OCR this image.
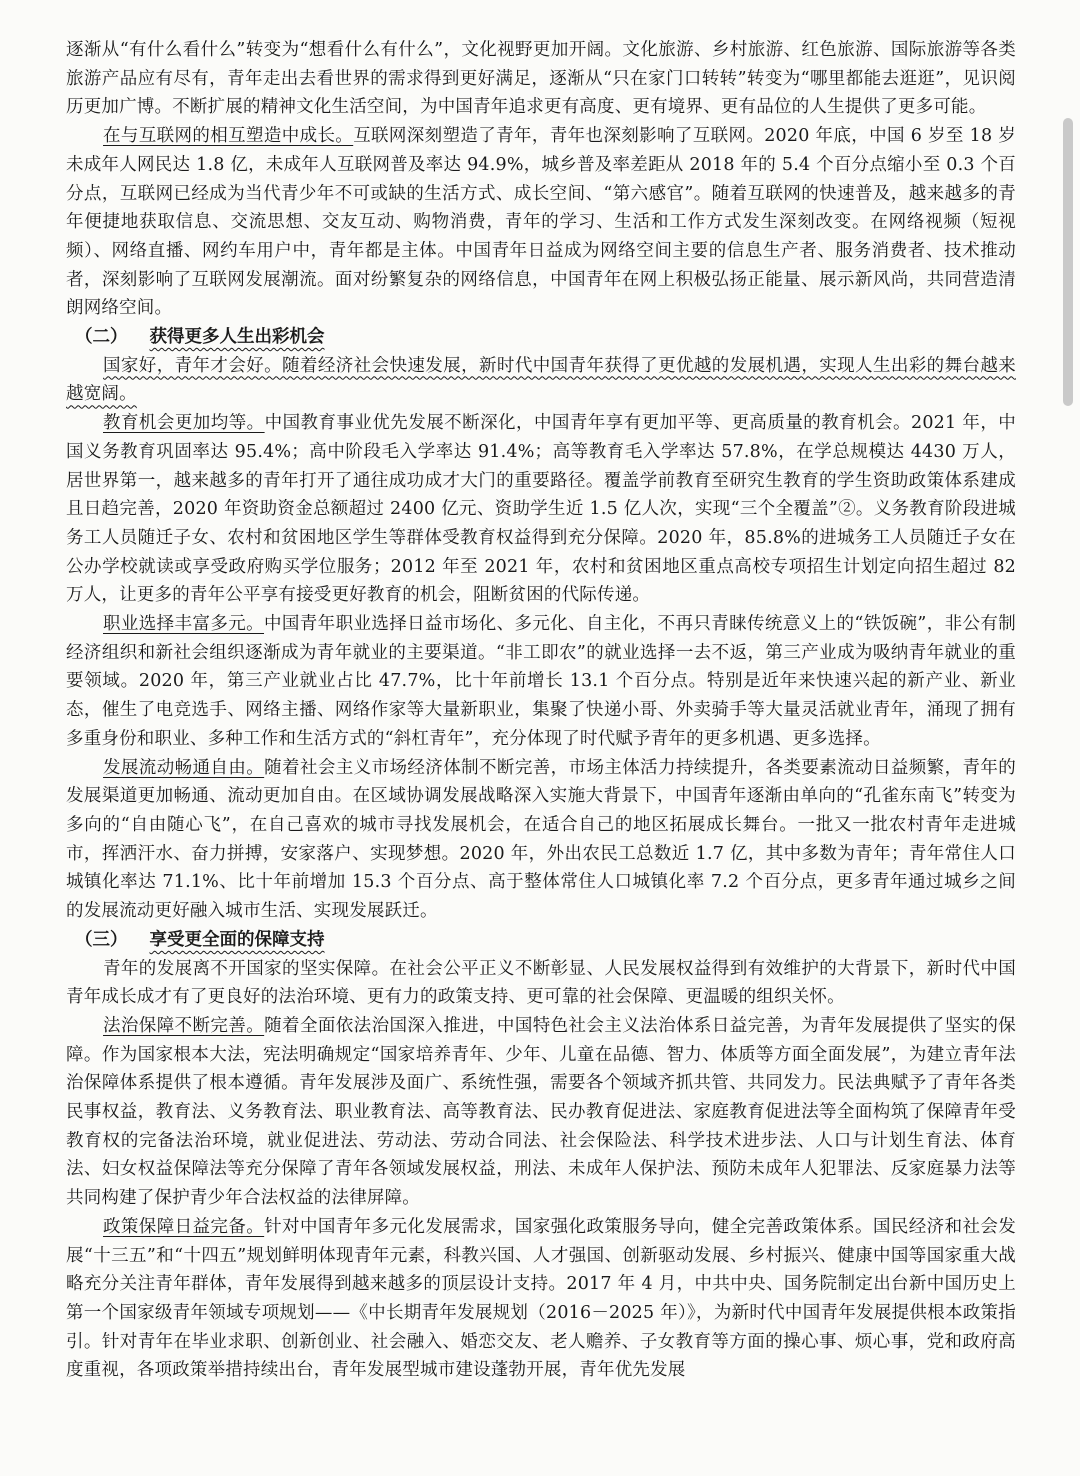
逐渐从“有什么看什么”转变为“想看什么有什么”，文化视野更加开阔。文化旅游、乡村旅游、红色旅游、国际旅游等各类旅游产品应有尽有，青年走出去看世界的需求得到更好满足，逐渐从“只在家门口转转”转变为“哪里都能去逛逛”，见识阅历更加广博。不断扩展的精神文化生活空间，为中国青年追求更有高度、更有境界、更有品位的人生提供了更多可能。

在与互联网的相互塑造中成长。互联网深刻塑造了青年，青年也深刻影响了互联网。2020 年底，中国 6 岁至 18 岁未成年人网民达 1.8 亿，未成年人互联网普及率达 94.9%，城乡普及率差距从 2018 年的 5.4 个百分点缩小至 0.3 个百分点，互联网已经成为当代青少年不可或缺的生活方式、成长空间、“第六感官”。随着互联网的快速普及，越来越多的青年便捷地获取信息、交流思想、交友互动、购物消费，青年的学习、生活和工作方式发生深刻改变。在网络视频（短视频）、网络直播、网约车用户中，青年都是主体。中国青年日益成为网络空间主要的信息生产者、服务消费者、技术推动者，深刻影响了互联网发展潮流。面对纷繁复杂的网络信息，中国青年在网上积极弘扬正能量、展示新风尚，共同营造清朗网络空间。

（二） 获得更多人生出彩机会

国家好，青年才会好。随着经济社会快速发展，新时代中国青年获得了更优越的发展机遇，实现人生出彩的舞台越来越宽阔。

教育机会更加均等。中国教育事业优先发展不断深化，中国青年享有更加平等、更高质量的教育机会。2021 年，中国义务教育巩固率达 95.4%；高中阶段毛入学率达 91.4%；高等教育毛入学率达 57.8%，在学总规模达 4430 万人，居世界第一，越来越多的青年打开了通往成功成才大门的重要路径。覆盖学前教育至研究生教育的学生资助政策体系建成且日趋完善，2020 年资助资金总额超过 2400 亿元、资助学生近 1.5 亿人次，实现“三个全覆盖”②。义务教育阶段进城务工人员随迁子女、农村和贫困地区学生等群体受教育权益得到充分保障。2020 年，85.8%的进城务工人员随迁子女在公办学校就读或享受政府购买学位服务；2012 年至 2021 年，农村和贫困地区重点高校专项招生计划定向招生超过 82 万人，让更多的青年公平享有接受更好教育的机会，阻断贫困的代际传递。

职业选择丰富多元。中国青年职业选择日益市场化、多元化、自主化，不再只青睐传统意义上的“铁饭碗”，非公有制经济组织和新社会组织逐渐成为青年就业的主要渠道。“非工即农”的就业选择一去不返，第三产业成为吸纳青年就业的重要领域。2020 年，第三产业就业占比 47.7%，比十年前增长 13.1 个百分点。特别是近年来快速兴起的新产业、新业态，催生了电竞选手、网络主播、网络作家等大量新职业，集聚了快递小哥、外卖骑手等大量灵活就业青年，涌现了拥有多重身份和职业、多种工作和生活方式的“斜杠青年”，充分体现了时代赋予青年的更多机遇、更多选择。

发展流动畅通自由。随着社会主义市场经济体制不断完善，市场主体活力持续提升，各类要素流动日益频繁，青年的发展渠道更加畅通、流动更加自由。在区域协调发展战略深入实施大背景下，中国青年逐渐由单向的“孔雀东南飞”转变为多向的“自由随心飞”，在自己喜欢的城市寻找发展机会，在适合自己的地区拓展成长舞台。一批又一批农村青年走进城市，挥洒汗水、奋力拼搏，安家落户、实现梦想。2020 年，外出农民工总数近 1.7 亿，其中多数为青年；青年常住人口城镇化率达 71.1%、比十年前增加 15.3 个百分点、高于整体常住人口城镇化率 7.2 个百分点，更多青年通过城乡之间的发展流动更好融入城市生活、实现发展跃迁。

（三） 享受更全面的保障支持

青年的发展离不开国家的坚实保障。在社会公平正义不断彰显、人民发展权益得到有效维护的大背景下，新时代中国青年成长成才有了更良好的法治环境、更有力的政策支持、更可靠的社会保障、更温暖的组织关怀。

法治保障不断完善。随着全面依法治国深入推进，中国特色社会主义法治体系日益完善，为青年发展提供了坚实的保障。作为国家根本大法，宪法明确规定“国家培养青年、少年、儿童在品德、智力、体质等方面全面发展”，为建立青年法治保障体系提供了根本遵循。青年发展涉及面广、系统性强，需要各个领域齐抓共管、共同发力。民法典赋予了青年各类民事权益，教育法、义务教育法、职业教育法、高等教育法、民办教育促进法、家庭教育促进法等全面构筑了保障青年受教育权的完备法治环境，就业促进法、劳动法、劳动合同法、社会保险法、科学技术进步法、人口与计划生育法、体育法、妇女权益保障法等充分保障了青年各领域发展权益，刑法、未成年人保护法、预防未成年人犯罪法、反家庭暴力法等共同构建了保护青少年合法权益的法律屏障。

政策保障日益完备。针对中国青年多元化发展需求，国家强化政策服务导向，健全完善政策体系。国民经济和社会发展“十三五”和“十四五”规划鲜明体现青年元素，科教兴国、人才强国、创新驱动发展、乡村振兴、健康中国等国家重大战略充分关注青年群体，青年发展得到越来越多的顶层设计支持。2017 年 4 月，中共中央、国务院制定出台新中国历史上第一个国家级青年领域专项规划——《中长期青年发展规划（2016－2025 年）》，为新时代中国青年发展提供根本政策指引。针对青年在毕业求职、创新创业、社会融入、婚恋交友、老人赡养、子女教育等方面的操心事、烦心事，党和政府高度重视，各项政策举措持续出台，青年发展型城市建设蓬勃开展，青年优先发展
